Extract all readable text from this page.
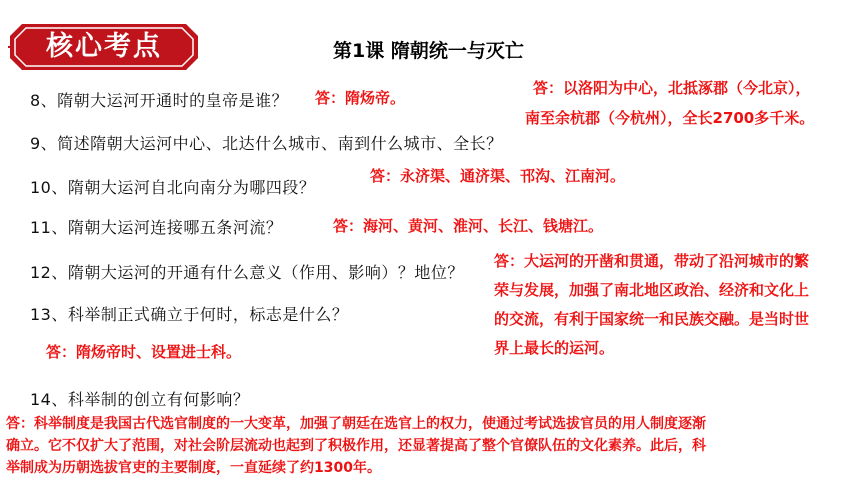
核心考点	第1课 隋朝统一与灭亡
8、隋朝大运河开通时的皇帝是谁？ 答：隋炀帝。
答：以洛阳为中心，北抵涿郡（今北京），
南至余杭郡（今杭州），全长2700多千米。
9、简述隋朝大运河中心、北达什么城市、南到什么城市、全长？
答：永济渠、通济渠、邗沟、江南河。
10、隋朝大运河自北向南分为哪四段？
11、隋朝大运河连接哪五条河流？	答：海河、黄河、淮河、长江、钱塘江。
12、隋朝大运河的开通有什么意义（作用、影响）？地位？
答：大运河的开凿和贯通，带动了沿河城市的繁
荣与发展，加强了南北地区政治、经济和文化上
的交流，有利于国家统一和民族交融。是当时世
界上最长的运河。
13、科举制正式确立于何时，标志是什么？
答：隋炀帝时、设置进士科。
14、科举制的创立有何影响？
答：科举制度是我国古代选官制度的一大变革，加强了朝廷在选官上的权力，使通过考试选拔官员的用人制度逐渐
确立。它不仅扩大了范围，对社会阶层流动也起到了积极作用，还显著提高了整个官僚队伍的文化素养。此后，科
举制成为历朝选拔官吏的主要制度，一直延续了约1300年。
